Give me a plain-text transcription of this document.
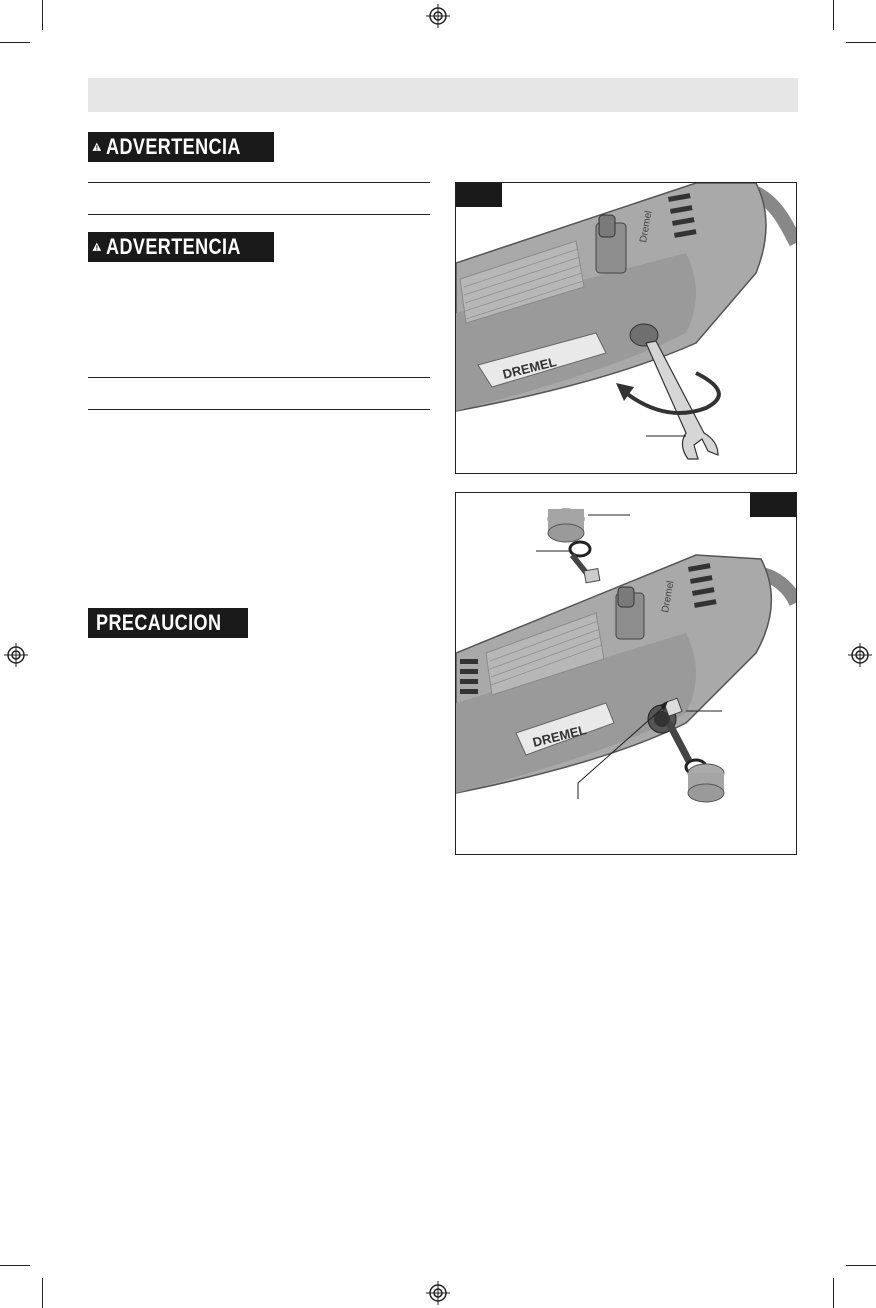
ADVERTENCIA
ADVERTENCIA
PRECAUCION
Dremel
DREMEL
Dremel
DREMEL
